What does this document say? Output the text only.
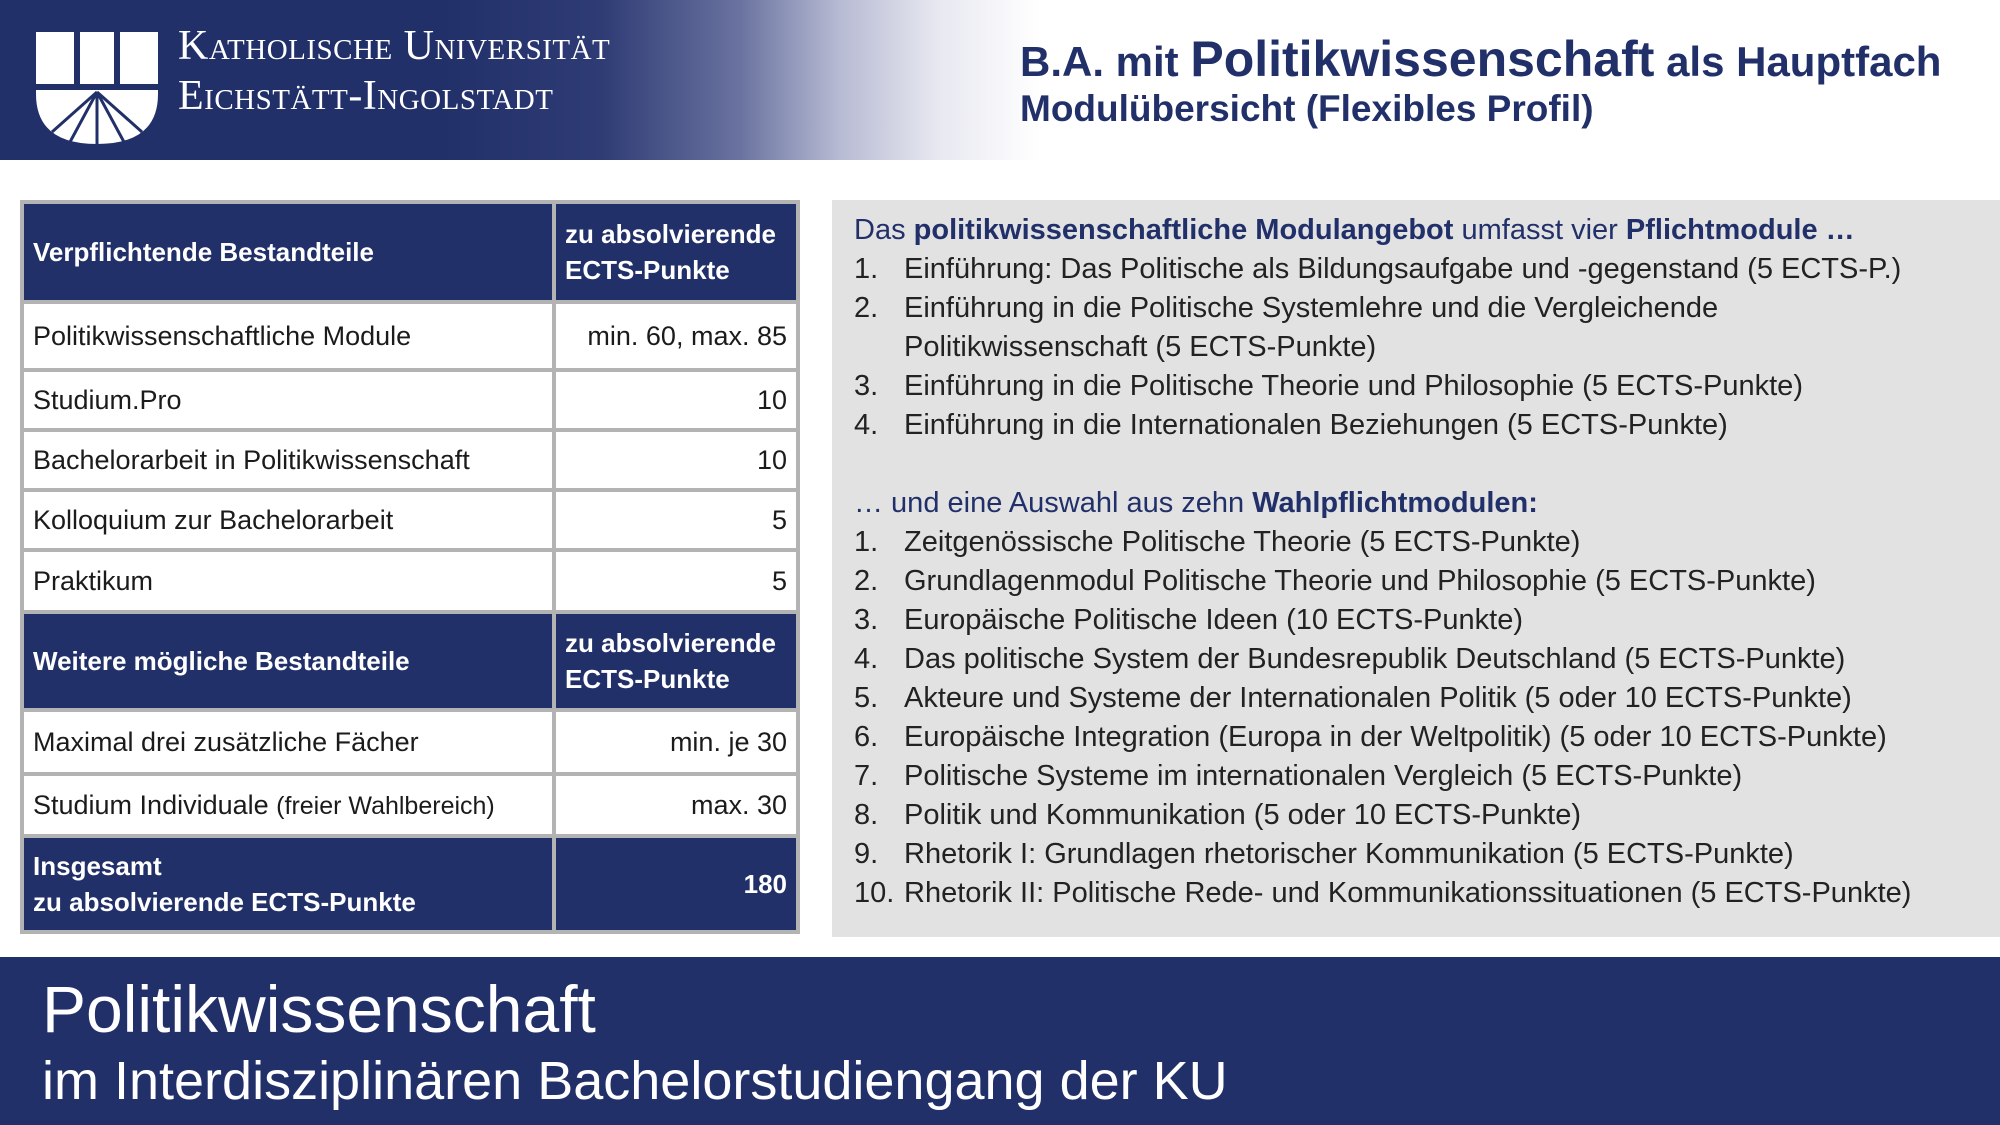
Katholische Universität
Eichstätt-Ingolstadt
B.A. mit Politikwissenschaft als Hauptfach
Modulübersicht (Flexibles Profil)
Verpflichtende Bestandteile	zu absolvierende
ECTS-Punkte

Politikwissenschaftliche Module	min. 60, max. 85
Studium.Pro	10
Bachelorarbeit in Politikwissenschaft	10
Kolloquium zur Bachelorarbeit	5
Praktikum	5
Weitere mögliche Bestandteile	zu absolvierende
ECTS-Punkte

Maximal drei zusätzliche Fächer	min. je 30
Studium Individuale (freier Wahlbereich)	max. 30

Insgesamt
zu absolvierende ECTS-Punkte	180
Das politikwissenschaftliche Modulangebot umfasst vier Pflichtmodule …
1. Einführung: Das Politische als Bildungsaufgabe und -gegenstand (5 ECTS-P.)
2. Einführung in die Politische Systemlehre und die Vergleichende
Politikwissenschaft (5 ECTS-Punkte)
3. Einführung in die Politische Theorie und Philosophie (5 ECTS-Punkte)
4. Einführung in die Internationalen Beziehungen (5 ECTS-Punkte)
… und eine Auswahl aus zehn Wahlpflichtmodulen:
1. Zeitgenössische Politische Theorie (5 ECTS-Punkte)
2. Grundlagenmodul Politische Theorie und Philosophie (5 ECTS-Punkte)
3. Europäische Politische Ideen (10 ECTS-Punkte)
4. Das politische System der Bundesrepublik Deutschland (5 ECTS-Punkte)
5. Akteure und Systeme der Internationalen Politik (5 oder 10 ECTS-Punkte)
6. Europäische Integration (Europa in der Weltpolitik) (5 oder 10 ECTS-Punkte)
7. Politische Systeme im internationalen Vergleich (5 ECTS-Punkte)
8. Politik und Kommunikation (5 oder 10 ECTS-Punkte)
9. Rhetorik I: Grundlagen rhetorischer Kommunikation (5 ECTS-Punkte)
10. Rhetorik II: Politische Rede- und Kommunikationssituationen (5 ECTS-Punkte)
Politikwissenschaft
im Interdisziplinären Bachelorstudiengang der KU
